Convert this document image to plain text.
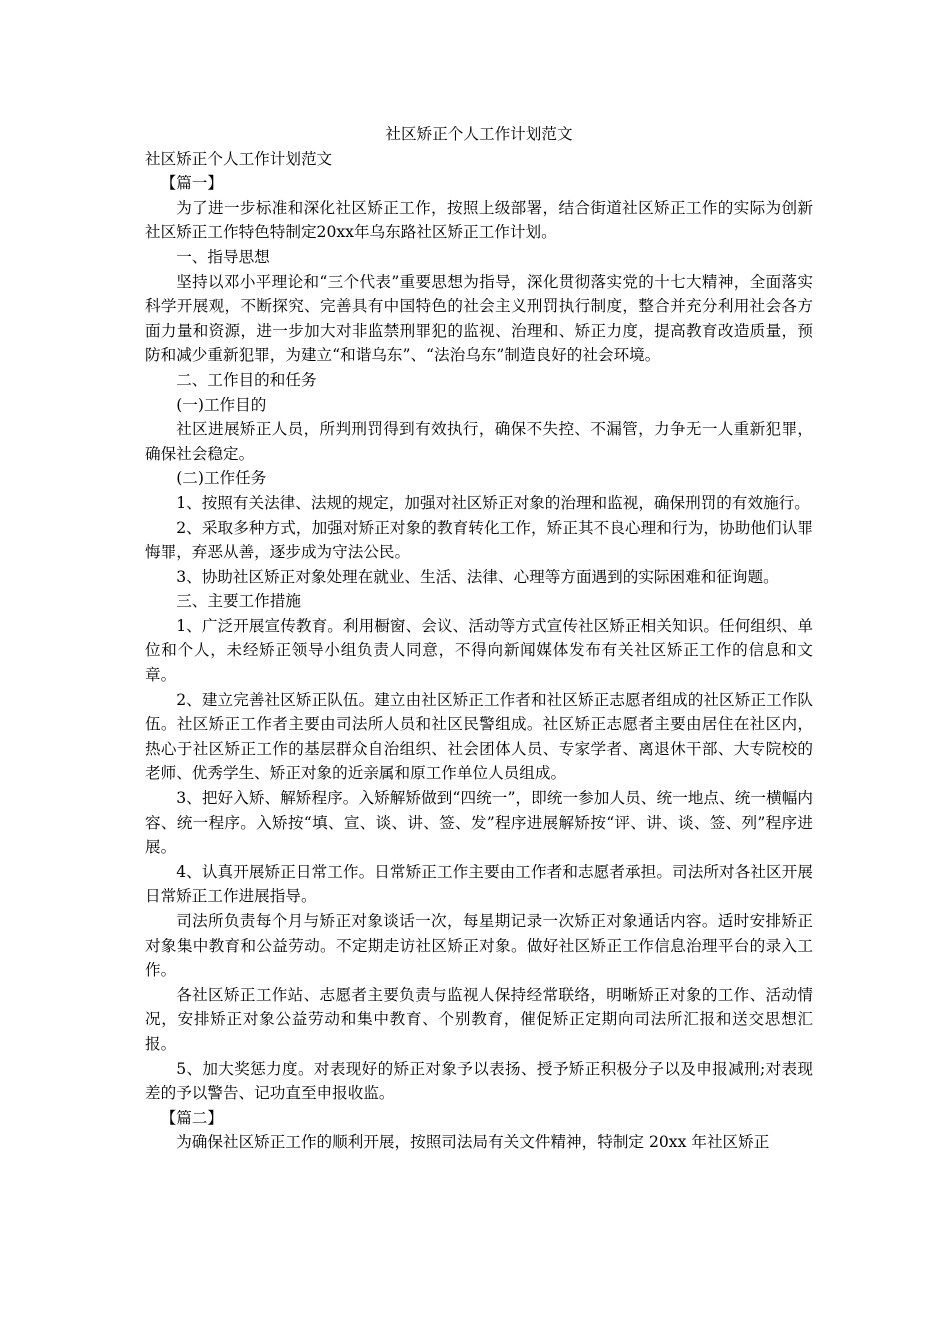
社区矫正个人工作计划范文

社区矫正个人工作计划范文

【篇一】

为了进一步标准和深化社区矫正工作，按照上级部署，结合街道社区矫正工作的实际为创新社区矫正工作特色特制定20xx年乌东路社区矫正工作计划。

一、指导思想

坚持以邓小平理论和“三个代表”重要思想为指导，深化贯彻落实党的十七大精神，全面落实科学开展观，不断探究、完善具有中国特色的社会主义刑罚执行制度，整合并充分利用社会各方面力量和资源，进一步加大对非监禁刑罪犯的监视、治理和、矫正力度，提高教育改造质量，预防和减少重新犯罪，为建立“和谐乌东”、“法治乌东”制造良好的社会环境。

二、工作目的和任务

(一)工作目的

社区进展矫正人员，所判刑罚得到有效执行，确保不失控、不漏管，力争无一人重新犯罪，确保社会稳定。

(二)工作任务

1、按照有关法律、法规的规定，加强对社区矫正对象的治理和监视，确保刑罚的有效施行。

2、采取多种方式，加强对矫正对象的教育转化工作，矫正其不良心理和行为，协助他们认罪悔罪，弃恶从善，逐步成为守法公民。

3、协助社区矫正对象处理在就业、生活、法律、心理等方面遇到的实际困难和征询题。

三、主要工作措施

1、广泛开展宣传教育。利用橱窗、会议、活动等方式宣传社区矫正相关知识。任何组织、单位和个人，未经矫正领导小组负责人同意，不得向新闻媒体发布有关社区矫正工作的信息和文章。

2、建立完善社区矫正队伍。建立由社区矫正工作者和社区矫正志愿者组成的社区矫正工作队伍。社区矫正工作者主要由司法所人员和社区民警组成。社区矫正志愿者主要由居住在社区内，热心于社区矫正工作的基层群众自治组织、社会团体人员、专家学者、离退休干部、大专院校的老师、优秀学生、矫正对象的近亲属和原工作单位人员组成。

3、把好入矫、解矫程序。入矫解矫做到“四统一”，即统一参加人员、统一地点、统一横幅内容、统一程序。入矫按“填、宣、谈、讲、签、发”程序进展解矫按“评、讲、谈、签、列”程序进展。

4、认真开展矫正日常工作。日常矫正工作主要由工作者和志愿者承担。司法所对各社区开展日常矫正工作进展指导。

司法所负责每个月与矫正对象谈话一次，每星期记录一次矫正对象通话内容。适时安排矫正对象集中教育和公益劳动。不定期走访社区矫正对象。做好社区矫正工作信息治理平台的录入工作。

各社区矫正工作站、志愿者主要负责与监视人保持经常联络，明晰矫正对象的工作、活动情况，安排矫正对象公益劳动和集中教育、个别教育，催促矫正定期向司法所汇报和送交思想汇报。

5、加大奖惩力度。对表现好的矫正对象予以表扬、授予矫正积极分子以及申报减刑;对表现差的予以警告、记功直至申报收监。

【篇二】

为确保社区矫正工作的顺利开展，按照司法局有关文件精神，特制定 20xx 年社区矫正
